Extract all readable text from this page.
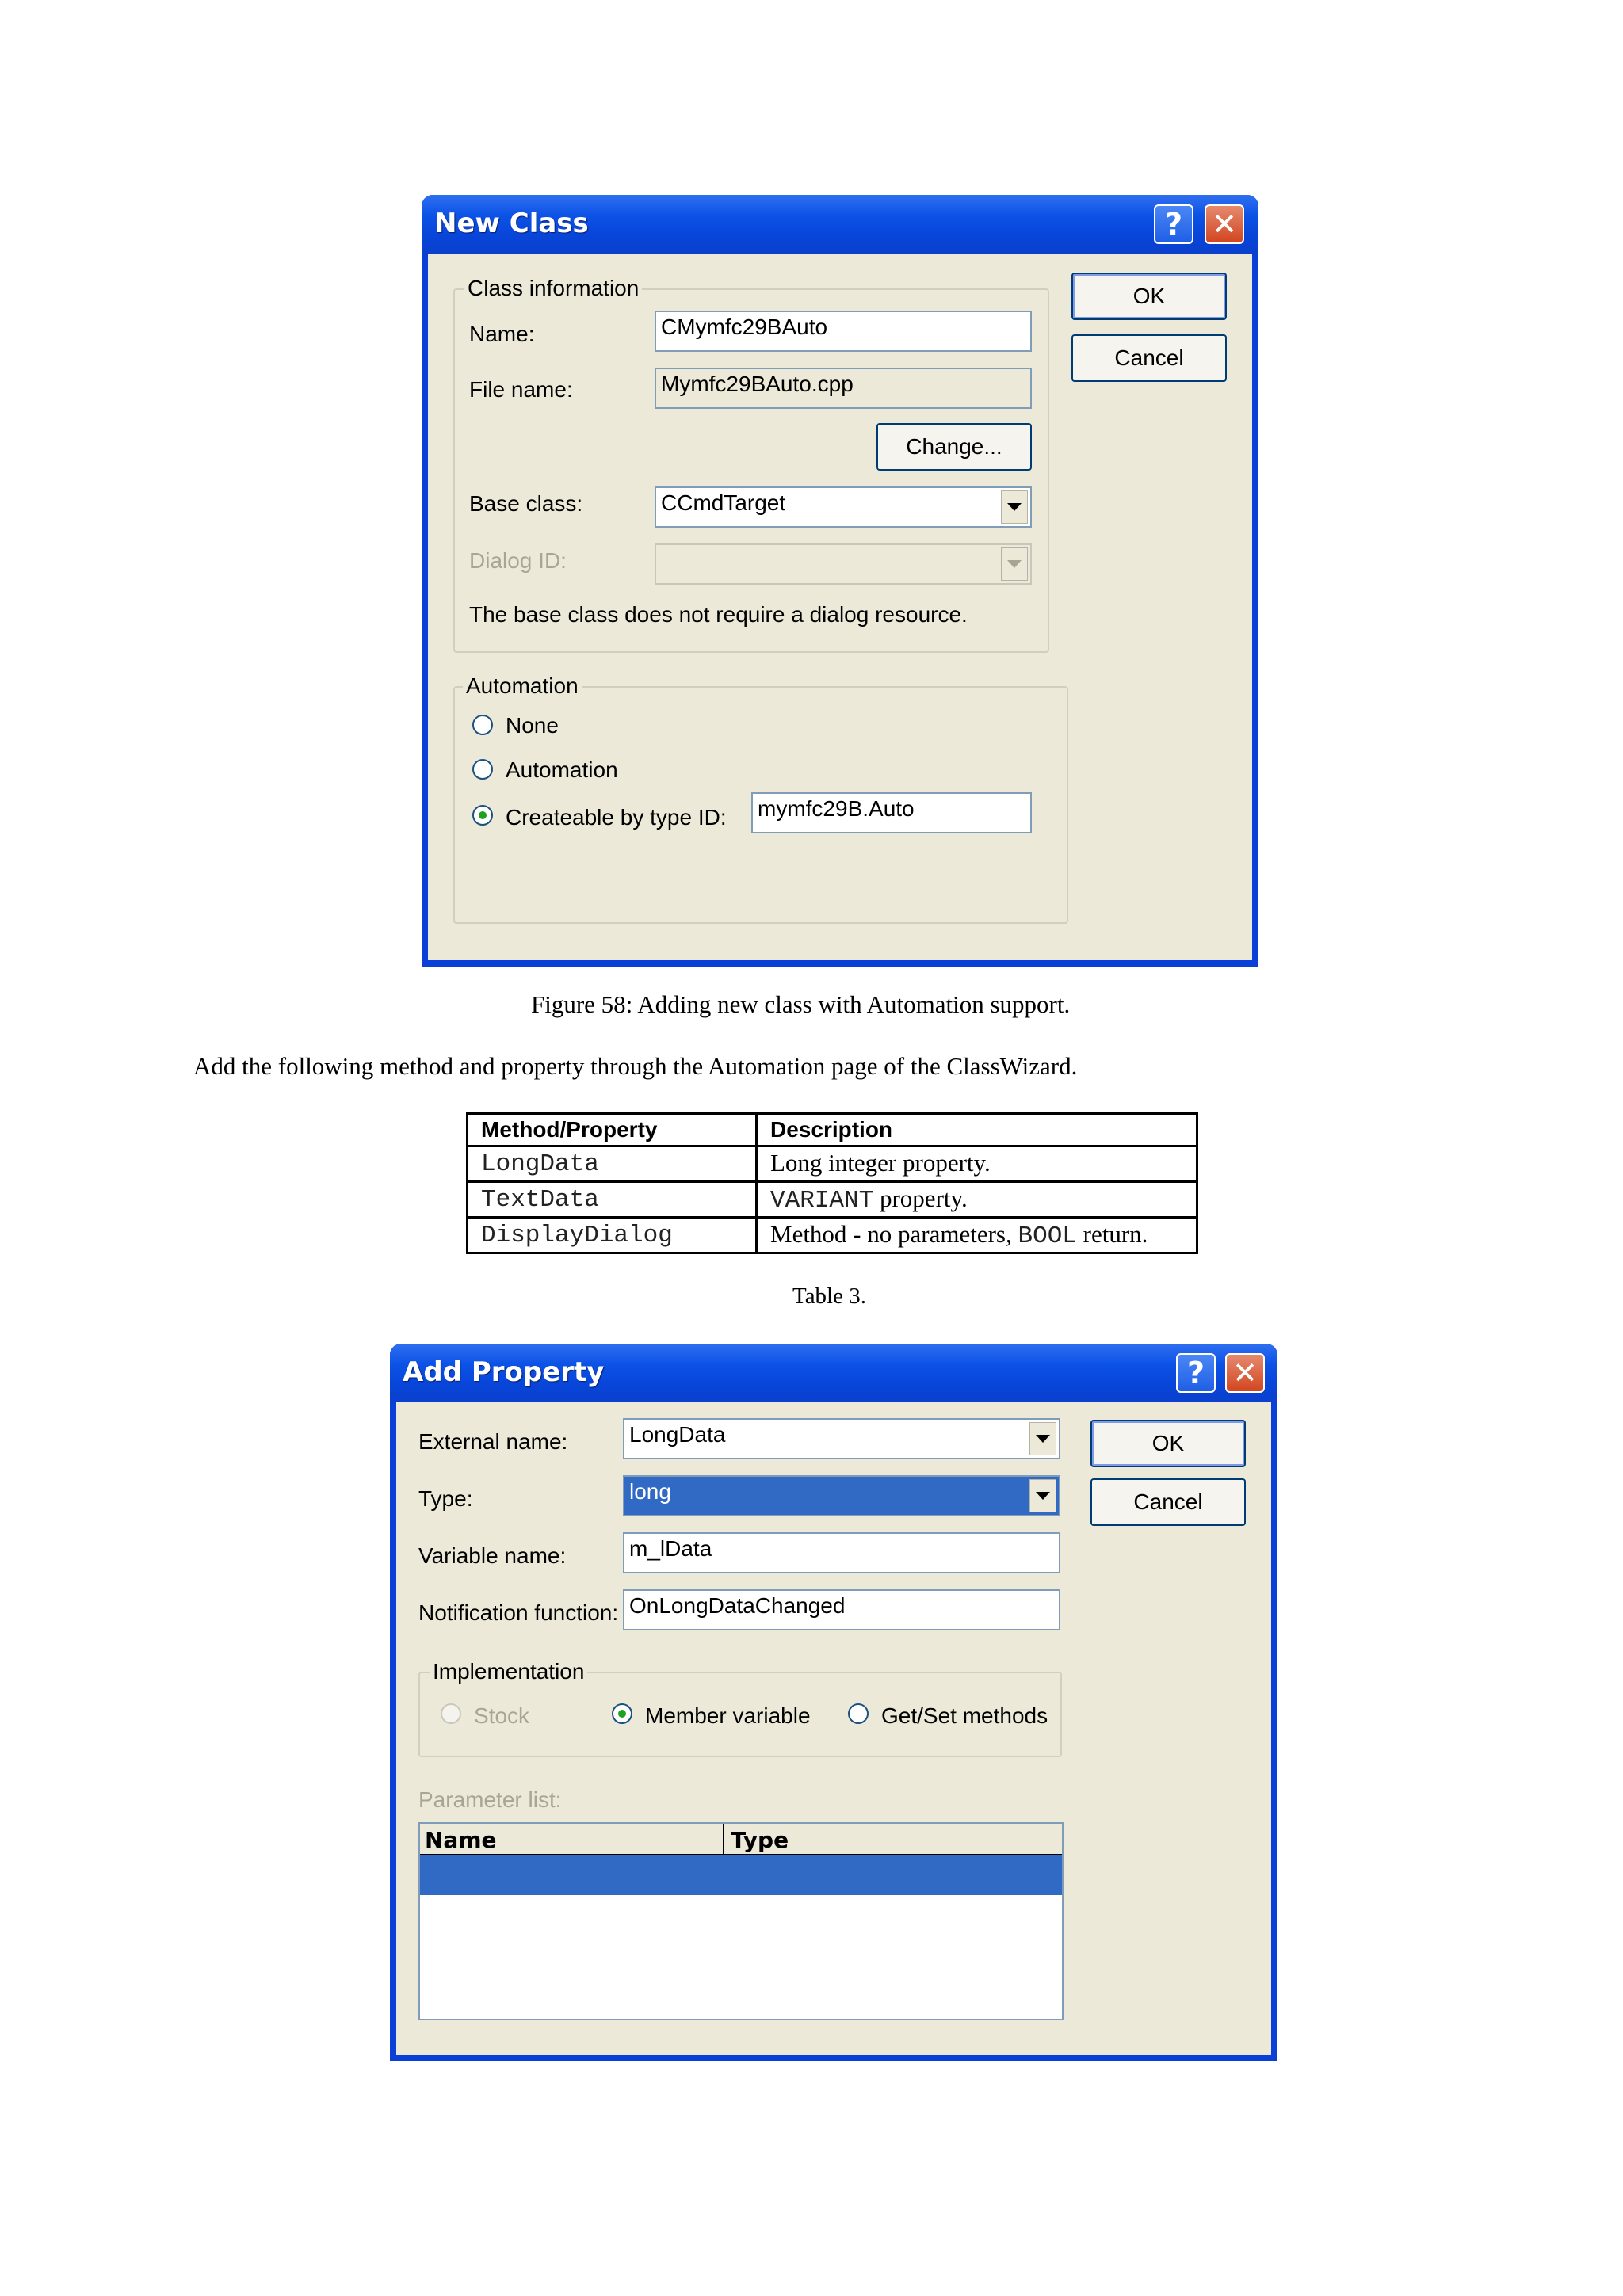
New Class	? ✕
Class information
Name:	CMymfc29BAuto
File name:	Mymfc29BAuto.cpp
Change...
Base class:	CCmdTarget
Dialog ID:
The base class does not require a dialog resource.
Automation
None
Automation
Createable by type ID: mymfc29B.Auto
OK
Cancel
Figure 58: Adding new class with Automation support.
Add the following method and property through the Automation page of the ClassWizard.
Method/Property	Description
LongData	Long integer property.
TextData	VARIANT property.
DisplayDialog	Method - no parameters, BOOL return.
Table 3.
Add Property	? ✕
External name:	LongData
Type:	long
Variable name:	m_lData
Notification function: OnLongDataChanged
Implementation
Stock	Member variable	Get/Set methods
Parameter list:
Name	Type
OK
Cancel
